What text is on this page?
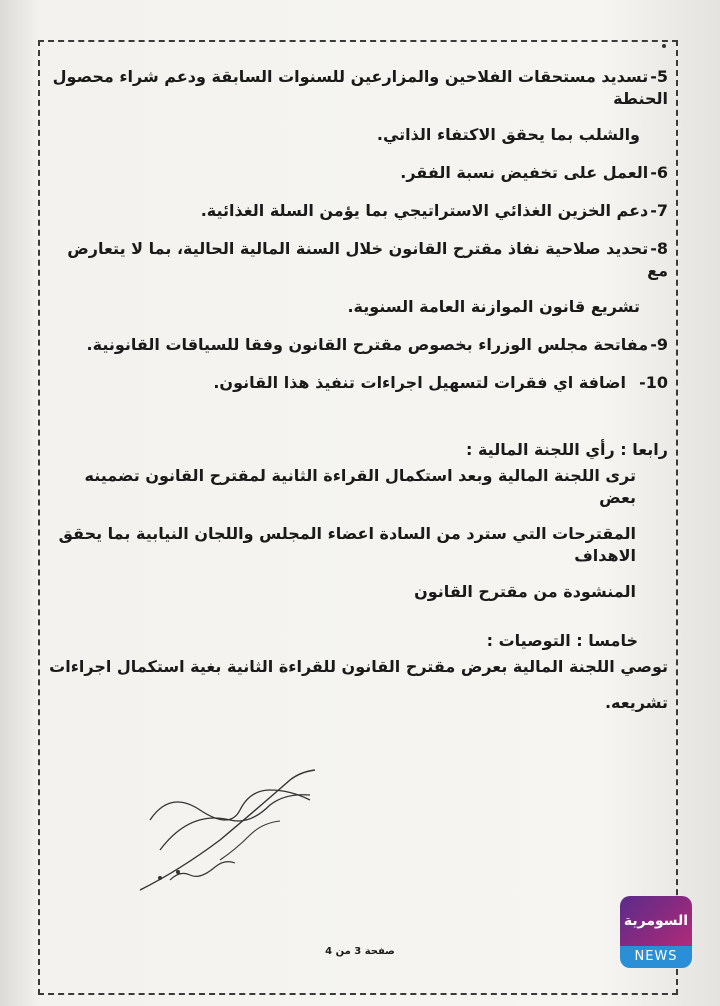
5-تسديد مستحقات الفلاحين والمزارعين للسنوات السابقة ودعم شراء محصول الحنطة
والشلب بما يحقق الاكتفاء الذاتي.

6-العمل على تخفيض نسبة الفقر.

7-دعم الخزين الغذائي الاستراتيجي بما يؤمن السلة الغذائية.

8-تحديد صلاحية نفاذ مقترح القانون خلال السنة المالية الحالية، بما لا يتعارض مع
تشريع قانون الموازنة العامة السنوية.

9-مفاتحة مجلس الوزراء بخصوص مقترح القانون وفقا للسياقات القانونية.

10-  اضافة اي فقرات لتسهيل اجراءات تنفيذ هذا القانون.

رابعا : رأي اللجنة المالية :

ترى اللجنة المالية وبعد استكمال القراءة الثانية لمقترح القانون تضمينه بعض
المقترحات التي سترد من السادة اعضاء المجلس واللجان النيابية بما يحقق الاهداف
المنشودة من مقترح القانون

خامسا : التوصيات :

توصي اللجنة المالية بعرض مقترح القانون للقراءة الثانية بغية استكمال اجراءات
تشريعه.
صفحة 3 من 4
السومرية
NEWS
